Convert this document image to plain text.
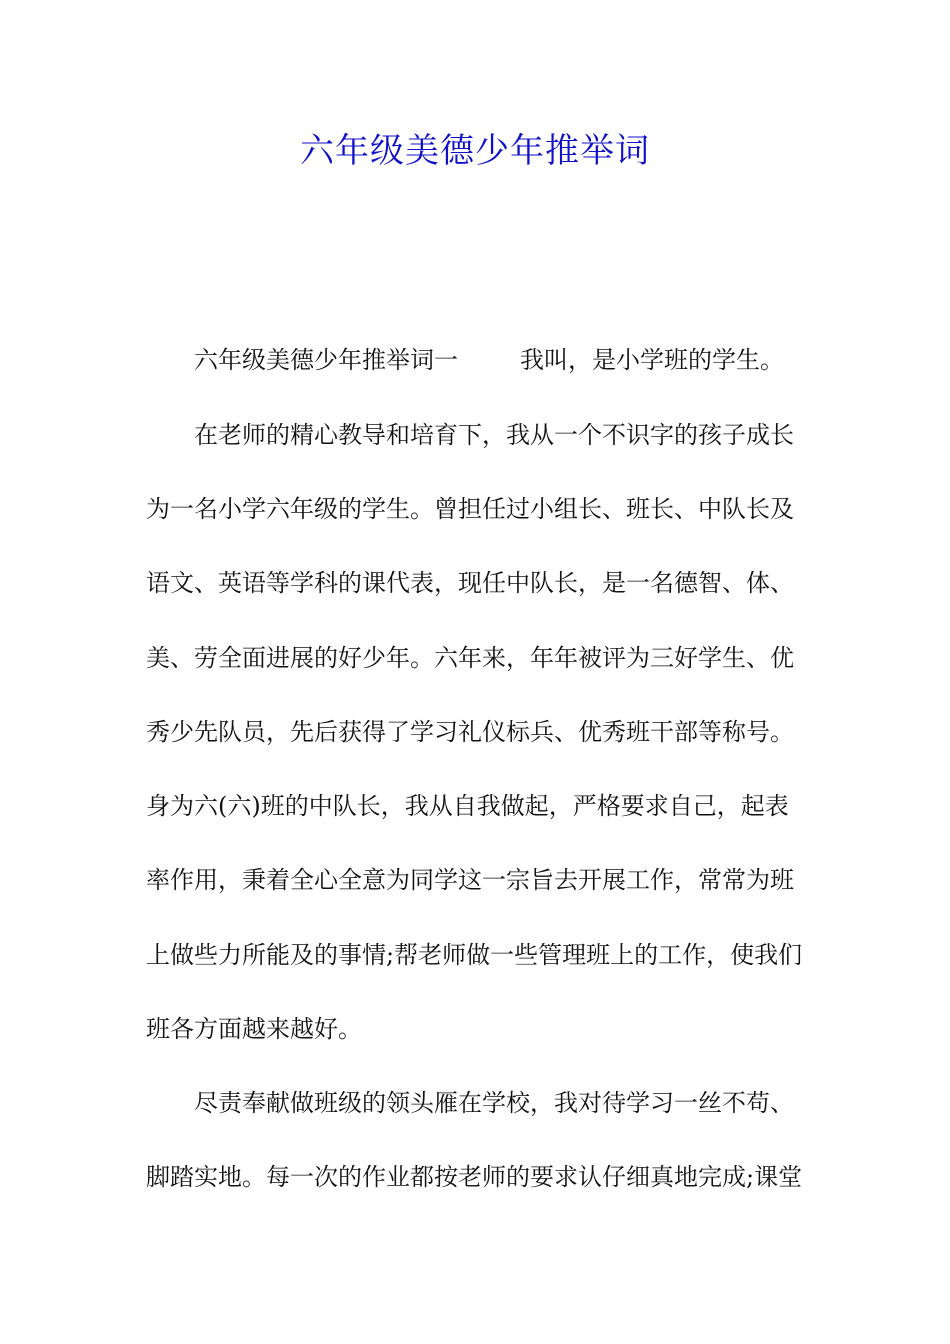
六年级美德少年推举词
六年级美德少年推举词一	我叫，是小学班的学生。
在老师的精心教导和培育下，我从一个不识字的孩子成长
为一名小学六年级的学生。曾担任过小组长、班长、中队长及
语文、英语等学科的课代表，现任中队长，是一名德智、体、
美、劳全面进展的好少年。六年来，年年被评为三好学生、优
秀少先队员，先后获得了学习礼仪标兵、优秀班干部等称号。
身为六(六)班的中队长，我从自我做起，严格要求自己，起表
率作用，秉着全心全意为同学这一宗旨去开展工作，常常为班
上做些力所能及的事情;帮老师做一些管理班上的工作，使我们
班各方面越来越好。
尽责奉献做班级的领头雁在学校，我对待学习一丝不苟、
脚踏实地。每一次的作业都按老师的要求认仔细真地完成;课堂
